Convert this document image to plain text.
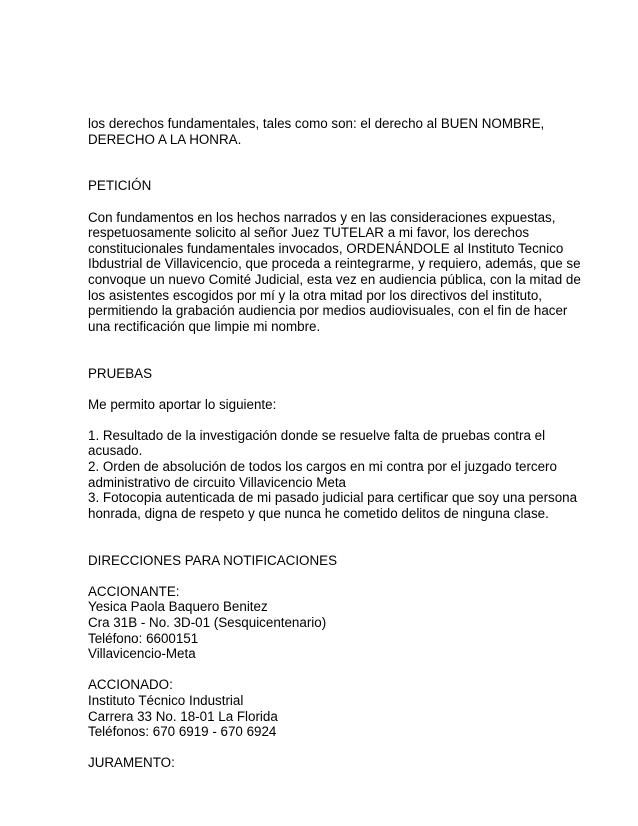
los derechos fundamentales, tales como son: el derecho al BUEN NOMBRE,
DERECHO A LA HONRA.
PETICIÓN
Con fundamentos en los hechos narrados y en las consideraciones expuestas,
respetuosamente solicito al señor Juez TUTELAR a mi favor, los derechos
constitucionales fundamentales invocados, ORDENÁNDOLE al Instituto Tecnico
Ibdustrial de Villavicencio, que proceda a reintegrarme, y requiero, además, que se
convoque un nuevo Comité Judicial, esta vez en audiencia pública, con la mitad de
los asistentes escogidos por mí y la otra mitad por los directivos del instituto,
permitiendo la grabación audiencia por medios audiovisuales, con el fin de hacer
una rectificación que limpie mi nombre.
PRUEBAS
Me permito aportar lo siguiente:
1. Resultado de la investigación donde se resuelve falta de pruebas contra el
acusado.
2. Orden de absolución de todos los cargos en mi contra por el juzgado tercero
administrativo de circuito Villavicencio Meta
3. Fotocopia autenticada de mi pasado judicial para certificar que soy una persona
honrada, digna de respeto y que nunca he cometido delitos de ninguna clase.
DIRECCIONES PARA NOTIFICACIONES
ACCIONANTE:
Yesica Paola Baquero Benitez
Cra 31B - No. 3D-01 (Sesquicentenario)
Teléfono: 6600151
Villavicencio-Meta
ACCIONADO:
Instituto Técnico Industrial
Carrera 33 No. 18-01 La Florida
Teléfonos: 670 6919 - 670 6924
JURAMENTO:
